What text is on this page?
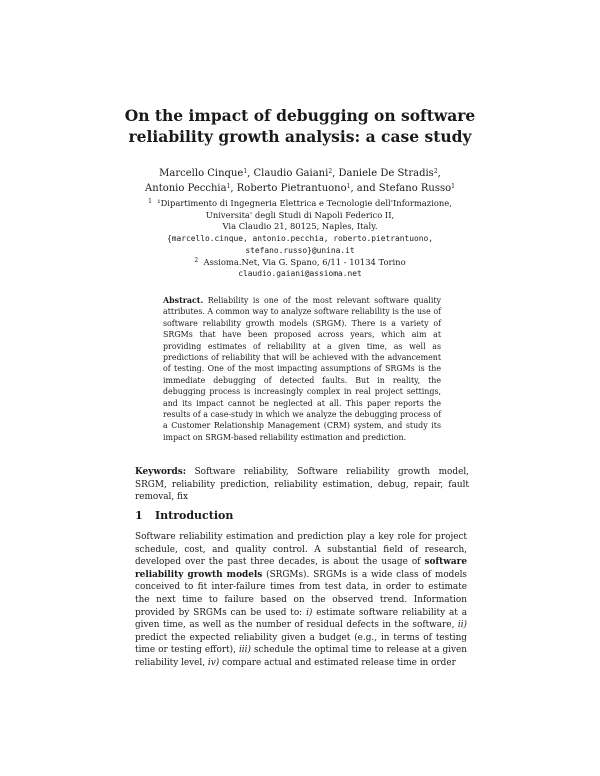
On the impact of debugging on software
reliability growth analysis: a case study
Marcello Cinque$^1$, Claudio Gaiani$^2$, Daniele De Stradis$^2$,
Antonio Pecchia$^1$, Roberto Pietrantuono$^1$, and Stefano Russo$^1$
$^1$ ¹Dipartimento di Ingegneria Elettrica e Tecnologie dell'Informazione,
Universita' degli Studi di Napoli Federico II,
Via Claudio 21, 80125, Naples, Italy.
{marcello.cinque, antonio.pecchia, roberto.pietrantuono,
stefano.russo}@unina.it
$^2$ Assioma.Net, Via G. Spano, 6/11 - 10134 Torino
claudio.gaiani@assioma.net
Abstract. Reliability is one of the most relevant software quality attributes. A common way to analyze software reliability is the use of software reliability growth models (SRGM). There is a variety of SRGMs that have been proposed across years, which aim at providing estimates of reliability at a given time, as well as predictions of reliability that will be achieved with the advancement of testing. One of the most impacting assumptions of SRGMs is the immediate debugging of detected faults. But in reality, the debugging process is increasingly complex in real project settings, and its impact cannot be neglected at all. This paper reports the results of a case-study in which we analyze the debugging process of a Customer Relationship Management (CRM) system, and study its impact on SRGM-based reliability estimation and prediction.
Keywords: Software reliability, Software reliability growth model, SRGM, reliability prediction, reliability estimation, debug, repair, fault removal, fix
1 Introduction
Software reliability estimation and prediction play a key role for project schedule, cost, and quality control. A substantial field of research, developed over the past three decades, is about the usage of software reliability growth models (SRGMs). SRGMs is a wide class of models conceived to fit inter-failure times from test data, in order to estimate the next time to failure based on the observed trend. Information provided by SRGMs can be used to: i) estimate software reliability at a given time, as well as the number of residual defects in the software, ii) predict the expected reliability given a budget (e.g., in terms of testing time or testing effort), iii) schedule the optimal time to release at a given reliability level, iv) compare actual and estimated release time in order
